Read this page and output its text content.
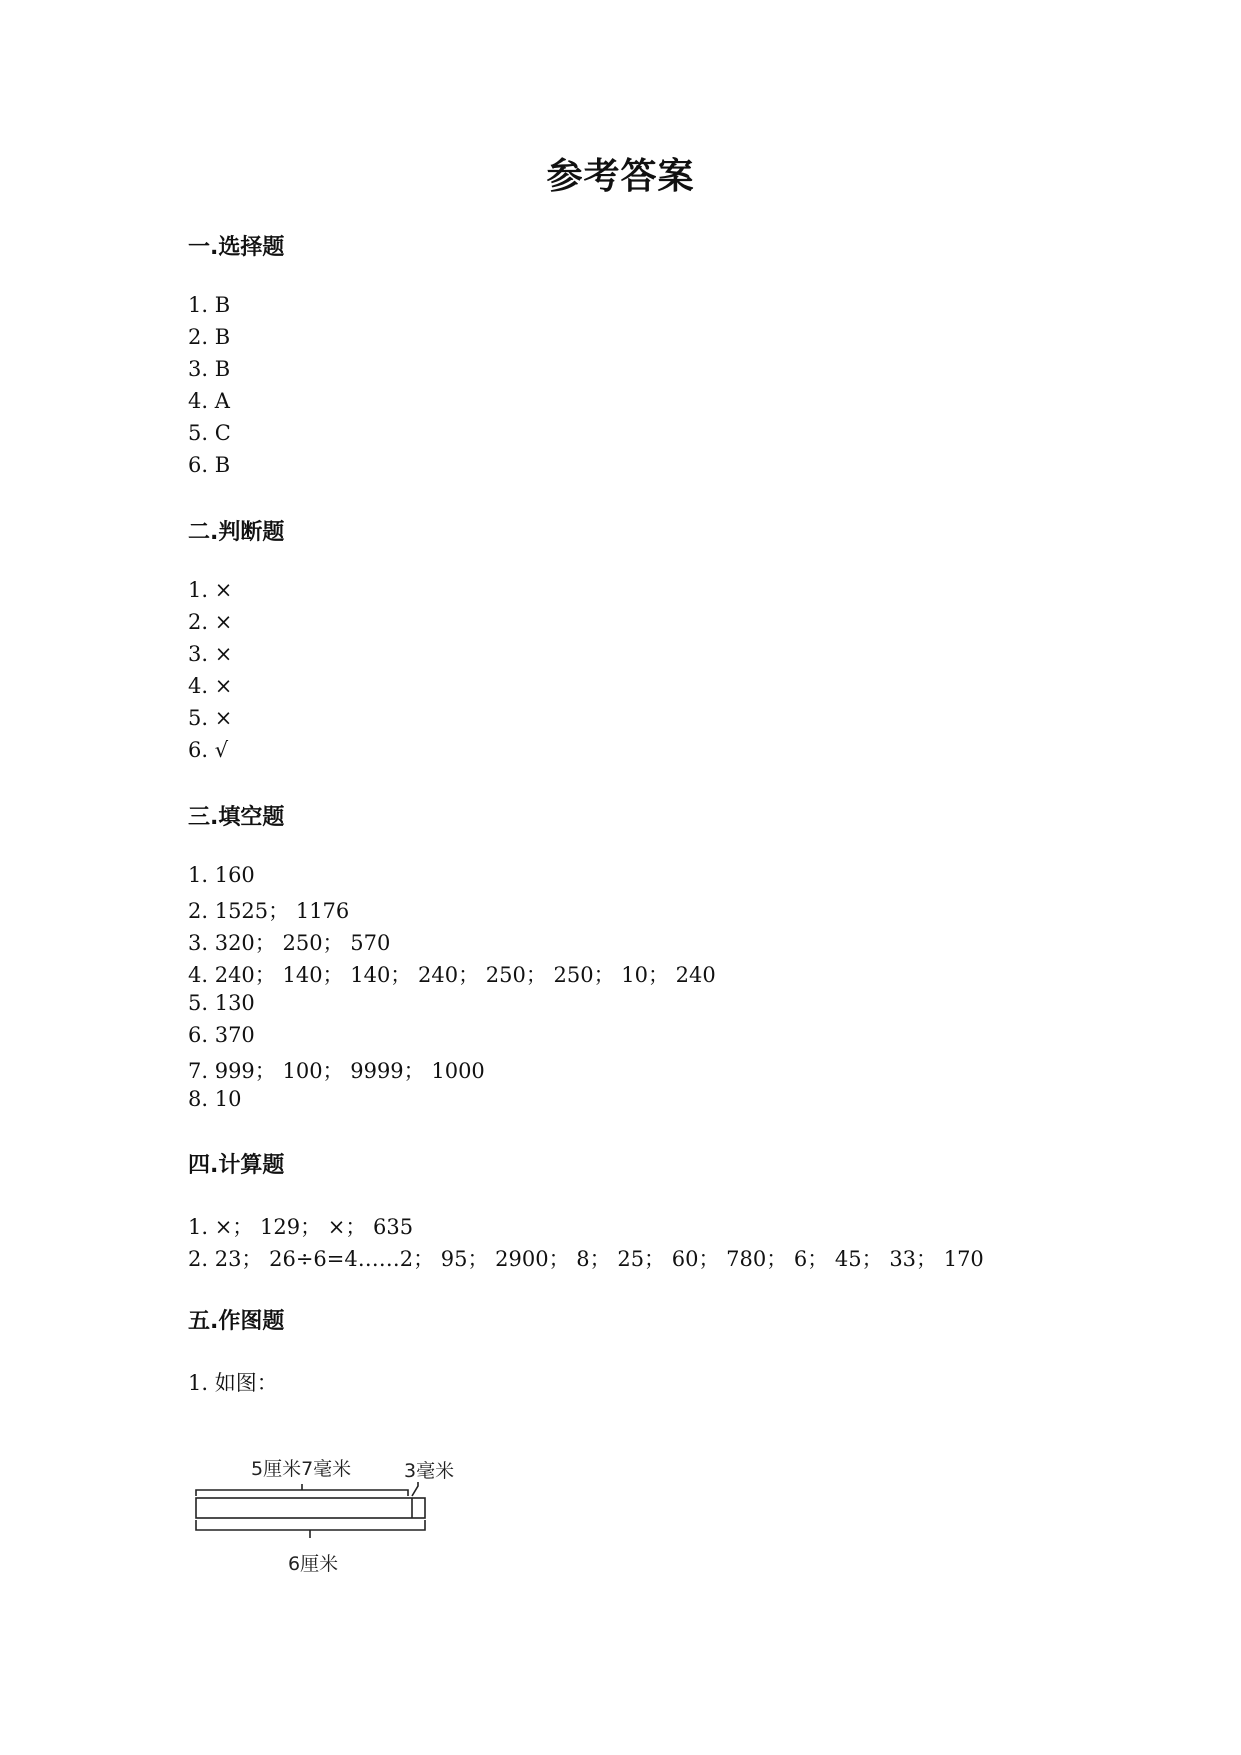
参考答案
一.选择题
1. B
2. B
3. B
4. A
5. C
6. B
二.判断题
1. ×
2. ×
3. ×
4. ×
5. ×
6. √
三.填空题
1. 160
2. 1525； 1176
3. 320； 250； 570
4. 240； 140； 140； 240； 250； 250； 10； 240
5. 130
6. 370
7. 999； 100； 9999； 1000
8. 10
四.计算题
1. ×； 129； ×； 635
2. 23； 26÷6=4……2； 95； 2900； 8； 25； 60； 780； 6； 45； 33； 170
五.作图题
1. 如图：
5厘米7毫米	3毫米
6厘米
